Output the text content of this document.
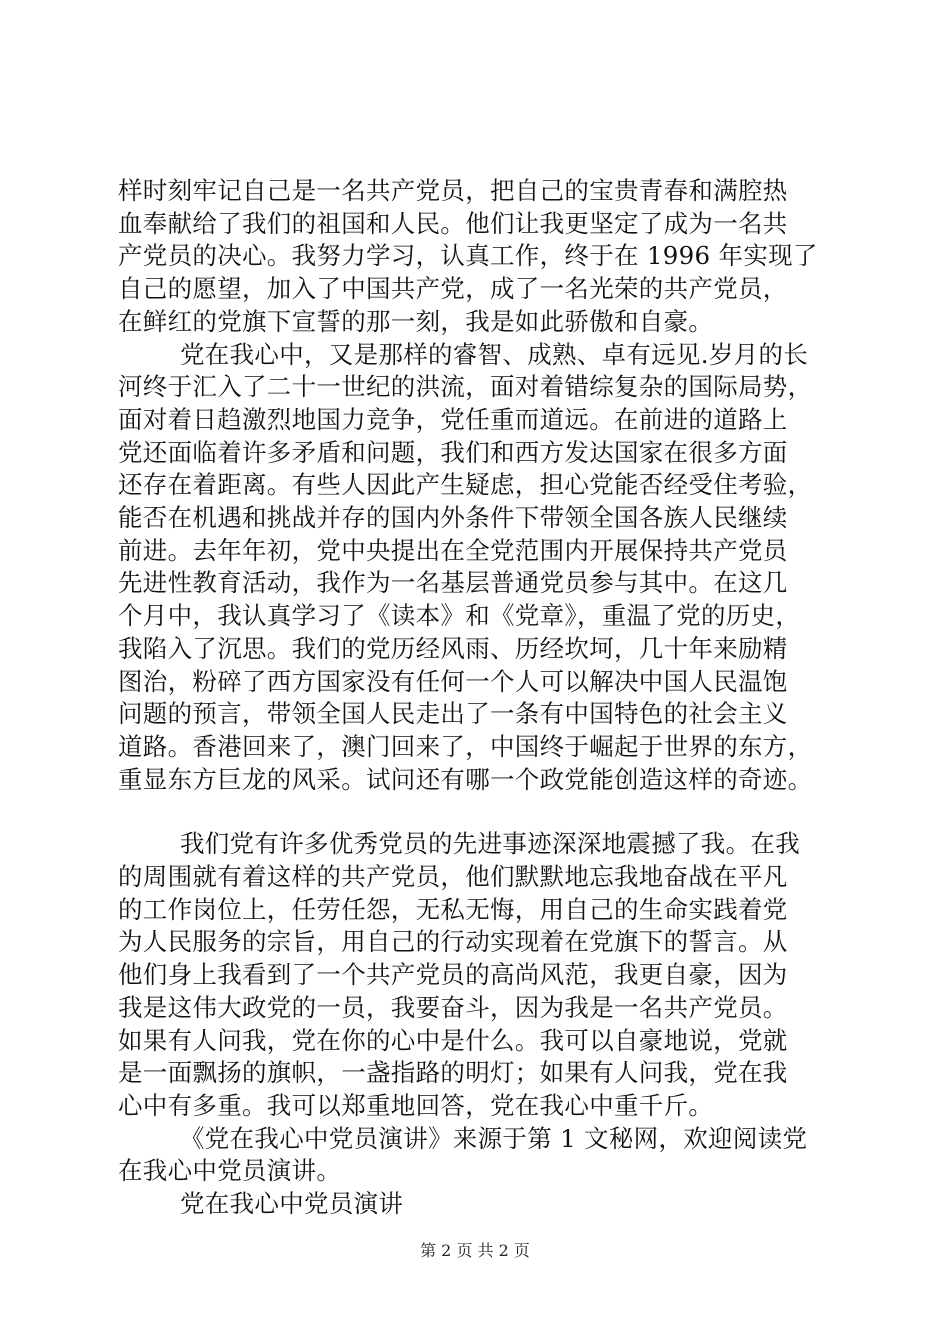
样时刻牢记自己是一名共产党员，把自己的宝贵青春和满腔热
血奉献给了我们的祖国和人民。他们让我更坚定了成为一名共
产党员的决心。我努力学习，认真工作，终于在 1996 年实现了
自己的愿望，加入了中国共产党，成了一名光荣的共产党员，
在鲜红的党旗下宣誓的那一刻，我是如此骄傲和自豪。
党在我心中，又是那样的睿智、成熟、卓有远见.岁月的长
河终于汇入了二十一世纪的洪流，面对着错综复杂的国际局势，
面对着日趋激烈地国力竞争，党任重而道远。在前进的道路上
党还面临着许多矛盾和问题，我们和西方发达国家在很多方面
还存在着距离。有些人因此产生疑虑，担心党能否经受住考验，
能否在机遇和挑战并存的国内外条件下带领全国各族人民继续
前进。去年年初，党中央提出在全党范围内开展保持共产党员
先进性教育活动，我作为一名基层普通党员参与其中。在这几
个月中，我认真学习了《读本》和《党章》，重温了党的历史，
我陷入了沉思。我们的党历经风雨、历经坎坷，几十年来励精
图治，粉碎了西方国家没有任何一个人可以解决中国人民温饱
问题的预言，带领全国人民走出了一条有中国特色的社会主义
道路。香港回来了，澳门回来了，中国终于崛起于世界的东方，
重显东方巨龙的风采。试问还有哪一个政党能创造这样的奇迹。
我们党有许多优秀党员的先进事迹深深地震撼了我。在我
的周围就有着这样的共产党员，他们默默地忘我地奋战在平凡
的工作岗位上，任劳任怨，无私无悔，用自己的生命实践着党
为人民服务的宗旨，用自己的行动实现着在党旗下的誓言。从
他们身上我看到了一个共产党员的高尚风范，我更自豪，因为
我是这伟大政党的一员，我要奋斗，因为我是一名共产党员。
如果有人问我，党在你的心中是什么。我可以自豪地说，党就
是一面飘扬的旗帜，一盏指路的明灯；如果有人问我，党在我
心中有多重。我可以郑重地回答，党在我心中重千斤。
《党在我心中党员演讲》来源于第 1 文秘网，欢迎阅读党
在我心中党员演讲。
党在我心中党员演讲
第 2 页 共 2 页
